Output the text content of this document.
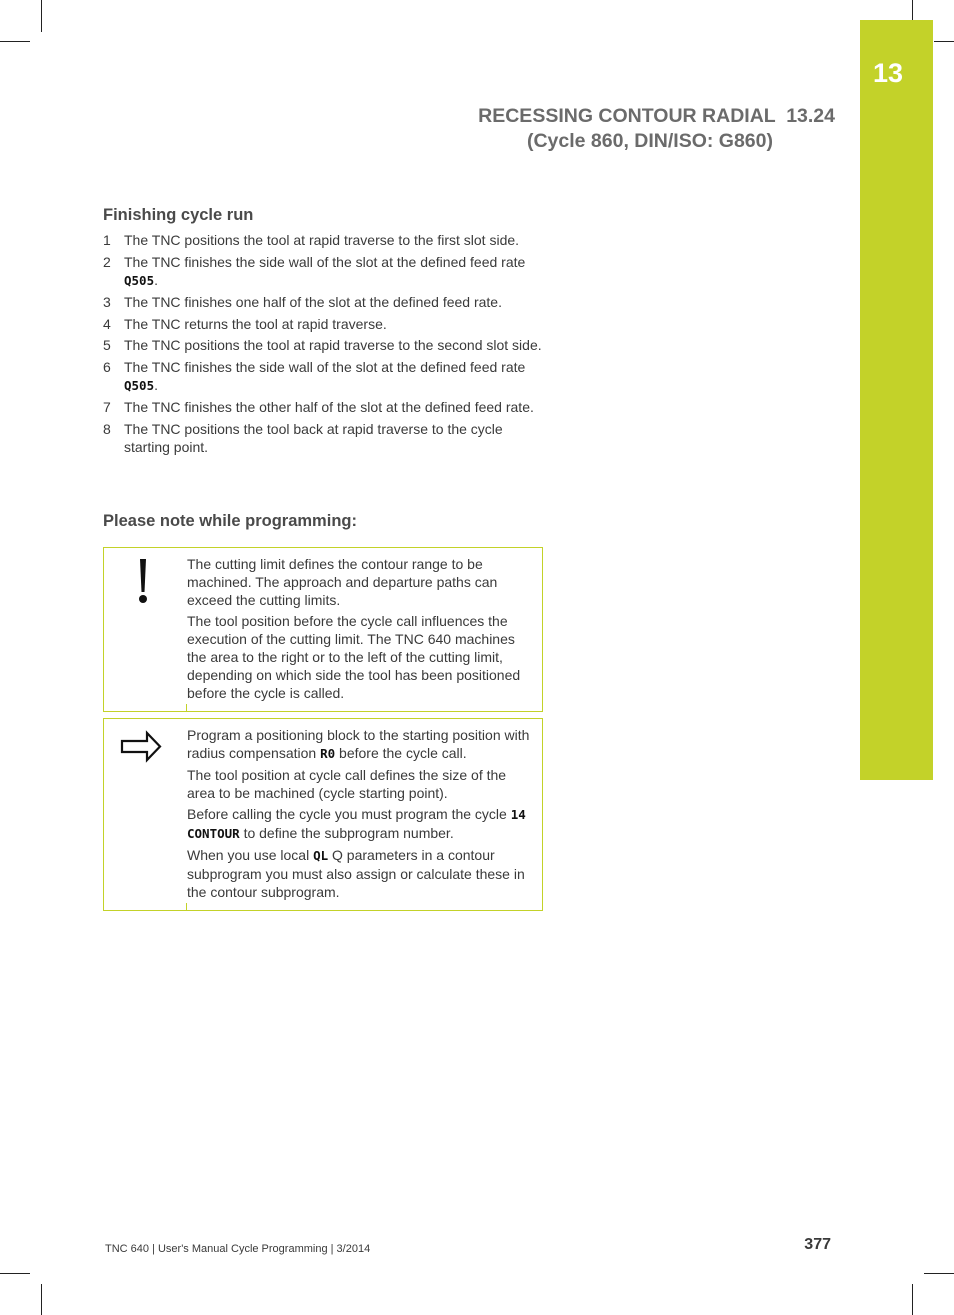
13
RECESSING CONTOUR RADIAL  13.24
(Cycle 860, DIN/ISO: G860)
Finishing cycle run
1 The TNC positions the tool at rapid traverse to the first slot side.
2 The TNC finishes the side wall of the slot at the defined feed rate Q505.
3 The TNC finishes one half of the slot at the defined feed rate.
4 The TNC returns the tool at rapid traverse.
5 The TNC positions the tool at rapid traverse to the second slot side.
6 The TNC finishes the side wall of the slot at the defined feed rate Q505.
7 The TNC finishes the other half of the slot at the defined feed rate.
8 The TNC positions the tool back at rapid traverse to the cycle starting point.
Please note while programming:

The cutting limit defines the contour range to be machined. The approach and departure paths can exceed the cutting limits.

The tool position before the cycle call influences the execution of the cutting limit. The TNC 640 machines the area to the right or to the left of the cutting limit, depending on which side the tool has been positioned before the cycle is called.

Program a positioning block to the starting position with radius compensation R0 before the cycle call.

The tool position at cycle call defines the size of the area to be machined (cycle starting point).

Before calling the cycle you must program the cycle 14 CONTOUR to define the subprogram number.

When you use local QL Q parameters in a contour subprogram you must also assign or calculate these in the contour subprogram.

TNC 640 | User's Manual Cycle Programming | 3/2014	377
